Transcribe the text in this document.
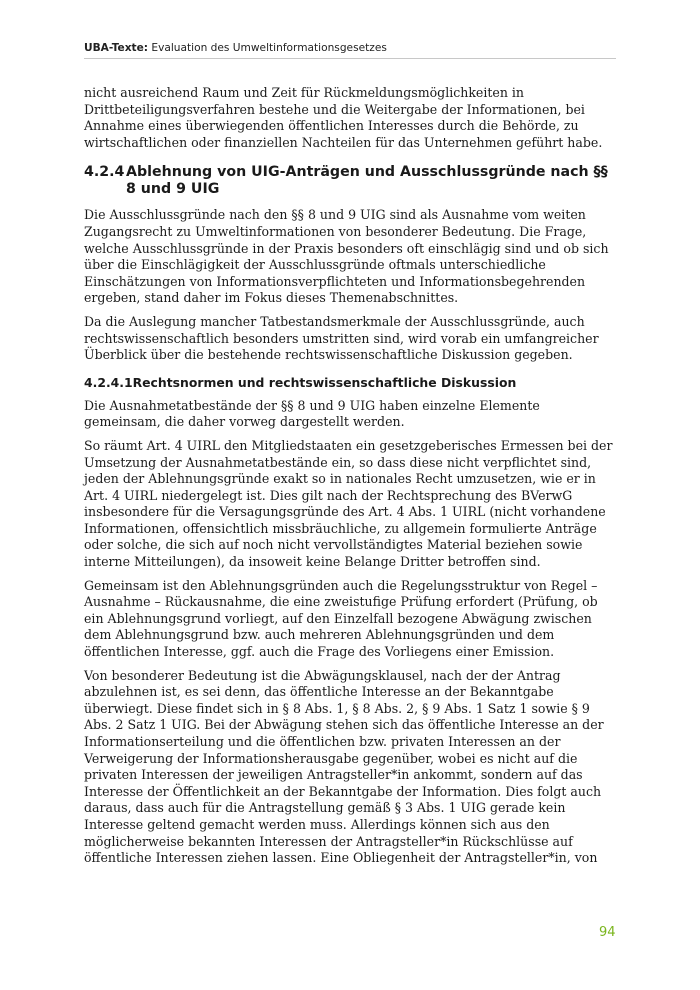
UBA-Texte: Evaluation des Umweltinformationsgesetzes

nicht ausreichend Raum und Zeit für Rückmeldungsmöglichkeiten in Drittbeteiligungsverfahren bestehe und die Weitergabe der Informationen, bei Annahme eines überwiegenden öffentlichen Interesses durch die Behörde, zu wirtschaftlichen oder finanziellen Nachteilen für das Unternehmen geführt habe.

4.2.4 Ablehnung von UIG-Anträgen und Ausschlussgründe nach §§ 8 und 9 UIG

Die Ausschlussgründe nach den §§ 8 und 9 UIG sind als Ausnahme vom weiten Zugangsrecht zu Umweltinformationen von besonderer Bedeutung. Die Frage, welche Ausschlussgründe in der Praxis besonders oft einschlägig sind und ob sich über die Einschlägigkeit der Ausschlussgründe oftmals unterschiedliche Einschätzungen von Informationsverpflichteten und Informationsbegehrenden ergeben, stand daher im Fokus dieses Themenabschnittes.

Da die Auslegung mancher Tatbestandsmerkmale der Ausschlussgründe, auch rechtswissenschaftlich besonders umstritten sind, wird vorab ein umfangreicher Überblick über die bestehende rechtswissenschaftliche Diskussion gegeben.

4.2.4.1Rechtsnormen und rechtswissenschaftliche Diskussion

Die Ausnahmetatbestände der §§ 8 und 9 UIG haben einzelne Elemente gemeinsam, die daher vorweg dargestellt werden.

So räumt Art. 4 UIRL den Mitgliedstaaten ein gesetzgeberisches Ermessen bei der Umsetzung der Ausnahmetatbestände ein, so dass diese nicht verpflichtet sind, jeden der Ablehnungsgründe exakt so in nationales Recht umzusetzen, wie er in Art. 4 UIRL niedergelegt ist. Dies gilt nach der Rechtsprechung des BVerwG insbesondere für die Versagungsgründe des Art. 4 Abs. 1 UIRL (nicht vorhandene Informationen, offensichtlich missbräuchliche, zu allgemein formulierte Anträge oder solche, die sich auf noch nicht vervollständigtes Material beziehen sowie interne Mitteilungen), da insoweit keine Belange Dritter betroffen sind.

Gemeinsam ist den Ablehnungsgründen auch die Regelungsstruktur von Regel – Ausnahme – Rückausnahme, die eine zweistufige Prüfung erfordert (Prüfung, ob ein Ablehnungsgrund vorliegt, auf den Einzelfall bezogene Abwägung zwischen dem Ablehnungsgrund bzw. auch mehreren Ablehnungsgründen und dem öffentlichen Interesse, ggf. auch die Frage des Vorliegens einer Emission.

Von besonderer Bedeutung ist die Abwägungsklausel, nach der der Antrag abzulehnen ist, es sei denn, das öffentliche Interesse an der Bekanntgabe überwiegt. Diese findet sich in § 8 Abs. 1, § 8 Abs. 2, § 9 Abs. 1 Satz 1 sowie § 9 Abs. 2 Satz 1 UIG. Bei der Abwägung stehen sich das öffentliche Interesse an der Informationserteilung und die öffentlichen bzw. privaten Interessen an der Verweigerung der Informationsherausgabe gegenüber, wobei es nicht auf die privaten Interessen der jeweiligen Antragsteller*in ankommt, sondern auf das Interesse der Öffentlichkeit an der Bekanntgabe der Information. Dies folgt auch daraus, dass auch für die Antragstellung gemäß § 3 Abs. 1 UIG gerade kein Interesse geltend gemacht werden muss. Allerdings können sich aus den möglicherweise bekannten Interessen der Antragsteller*in Rückschlüsse auf öffentliche Interessen ziehen lassen. Eine Obliegenheit der Antragsteller*in, von

94
